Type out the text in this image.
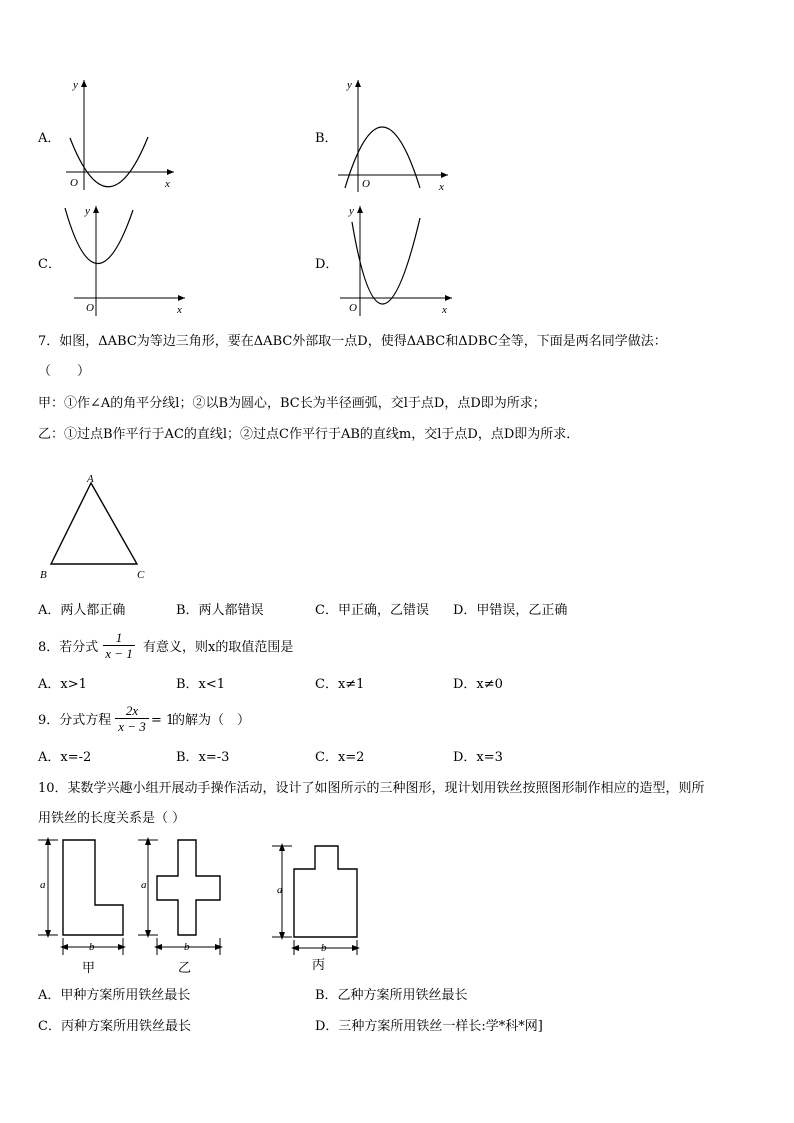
A．
y
x
O
B．
y
x
O
C．
y
x
O
D．
y
x
O
7．如图，ΔABC为等边三角形，要在ΔABC外部取一点D，使得ΔABC和ΔDBC全等，下面是两名同学做法：
（　　）
甲：①作∠A的角平分线l；②以B为圆心，BC长为半径画弧，交l于点D，点D即为所求；
乙：①过点B作平行于AC的直线l；②过点C作平行于AB的直线m，交l于点D，点D即为所求．
A
B	C
A．两人都正确	B．两人都错误	C．甲正确，乙错误 D．甲错误，乙正确
8．若分式
1
x − 1 有意义，则x的取值范围是
A．x>1	B．x<1	C．x≠1	D．x≠0
9．分式方程
2x
x − 3 = 1
的解为（　）
A．x=-2	B．x=-3	C．x=2	D．x=3
10．某数学兴趣小组开展动手操作活动，设计了如图所示的三种图形，现计划用铁丝按照图形制作相应的造型，则所
用铁丝的长度关系是（ ）
a
b
a
b
a
b
甲	乙	丙
A．甲种方案所用铁丝最长	B．乙种方案所用铁丝最长
C．丙种方案所用铁丝最长	D．三种方案所用铁丝一样长:学*科*网]
